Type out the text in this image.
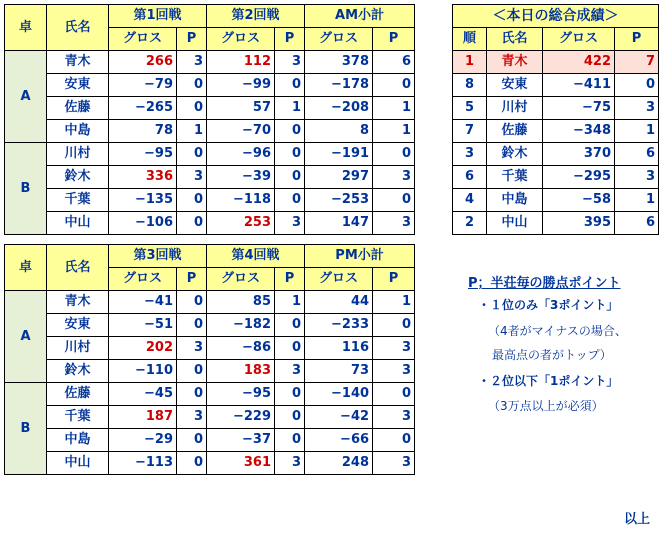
卓	氏名	第1回戦		第2回戦		AM小計	
		グロス	P	グロス	P	グロス	P
A	青木	266	3	112	3	378	6
	安東	−79	0	−99	0	−178	0
	佐藤	−265	0	57	1	−208	1
	中島	78	1	−70	0	8	1
B	川村	−95	0	−96	0	−191	0
	鈴木	336	3	−39	0	297	3
	千葉	−135	0	−118	0	−253	0
	中山	−106	0	253	3	147	3
卓	氏名	第3回戦		第4回戦		PM小計	
		グロス	P	グロス	P	グロス	P
A	青木	−41	0	85	1	44	1
	安東	−51	0	−182	0	−233	0
	川村	202	3	−86	0	116	3
	鈴木	−110	0	183	3	73	3
B	佐藤	−45	0	−95	0	−140	0
	千葉	187	3	−229	0	−42	3
	中島	−29	0	−37	0	−66	0
	中山	−113	0	361	3	248	3
＜本日の総合成績＞			
順	氏名	グロス	P
1	青木	422	7
8	安東	−411	0
5	川村	−75	3
7	佐藤	−348	1
3	鈴木	370	6
6	千葉	−295	3
4	中島	−58	1
2	中山	395	6
P；半荘毎の勝点ポイント
・１位のみ「3ポイント」
（4者がマイナスの場合、
最高点の者がトップ）
・２位以下「1ポイント」
（3万点以上が必須）
以上
